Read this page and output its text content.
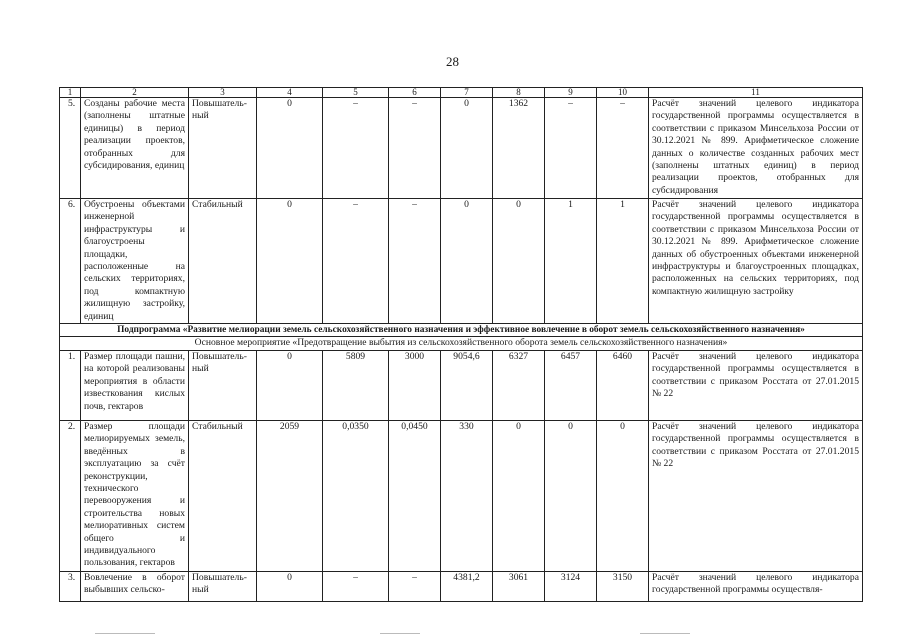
28
1	2	3	4	5	6	7	8	9	10	11
5.	Созданы рабочие места (заполнены штатные единицы) в период реализации проектов, отобранных для субсидирования, единиц	Повышатель-ный	0	–	–	0	1362	–	–	Расчёт значений целевого индикатора государственной программы осуществляется в соответствии с приказом Минсельхоза России от 30.12.2021 № 899. Арифметическое сложение данных о количестве созданных рабочих мест (заполнены штатных единиц) в период реализации проектов, отобранных для субсидирования
6.	Обустроены объектами инженерной инфраструктуры и благоустроены площадки, расположенные на сельских территориях, под компактную жилищную застройку, единиц	Стабильный	0	–	–	0	0	1	1	Расчёт значений целевого индикатора государственной программы осуществляется в соответствии с приказом Минсельхоза России от 30.12.2021 № 899. Арифметическое сложение данных об обустроенных объектами инженерной инфраструктуры и благоустроенных площадках, расположенных на сельских территориях, под компактную жилищную застройку
Подпрограмма «Развитие мелиорации земель сельскохозяйственного назначения и эффективное вовлечение в оборот земель сельскохозяйственного назначения»										
Основное мероприятие «Предотвращение выбытия из сельскохозяйственного оборота земель сельскохозяйственного назначения»										
1.	Размер площади пашни, на которой реализованы мероприятия в области известкования кислых почв, гектаров	Повышатель-ный	0	5809	3000	9054,6	6327	6457	6460	Расчёт значений целевого индикатора государственной программы осуществляется в соответствии с приказом Росстата от 27.01.2015 № 22
2.	Размер площади мелиорируемых земель, введённых в эксплуатацию за счёт реконструкции, технического перевооружения и строительства новых мелиоративных систем общего и индивидуального пользования, гектаров	Стабильный	2059	0,0350	0,0450	330	0	0	0	Расчёт значений целевого индикатора государственной программы осуществляется в соответствии с приказом Росстата от 27.01.2015 № 22
3.	Вовлечение в оборот выбывших сельско-	Повышатель-ный	0	–	–	4381,2	3061	3124	3150	Расчёт значений целевого индикатора государственной программы осуществля-
